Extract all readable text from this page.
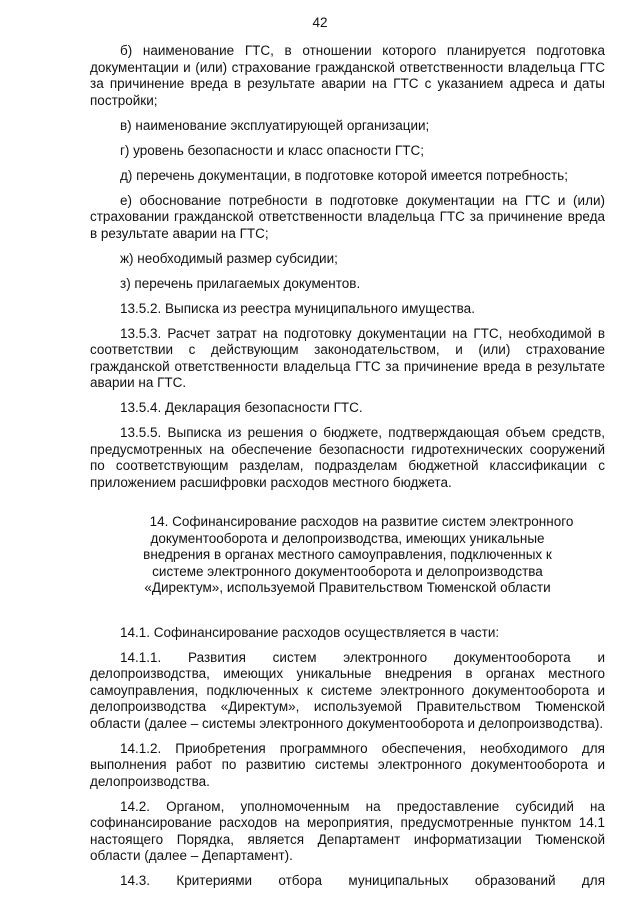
42

б) наименование ГТС, в отношении которого планируется подготовка документации и (или) страхование гражданской ответственности владельца ГТС за причинение вреда в результате аварии на ГТС с указанием адреса и даты постройки;

в) наименование эксплуатирующей организации;

г) уровень безопасности и класс опасности ГТС;

д) перечень документации, в подготовке которой имеется потребность;

е) обоснование потребности в подготовке документации на ГТС и (или) страховании гражданской ответственности владельца ГТС за причинение вреда в результате аварии на ГТС;

ж) необходимый размер субсидии;

з) перечень прилагаемых документов.

13.5.2. Выписка из реестра муниципального имущества.

13.5.3. Расчет затрат на подготовку документации на ГТС, необходимой в соответствии с действующим законодательством, и (или) страхование гражданской ответственности владельца ГТС за причинение вреда в результате аварии на ГТС.

13.5.4. Декларация безопасности ГТС.

13.5.5. Выписка из решения о бюджете, подтверждающая объем средств, предусмотренных на обеспечение безопасности гидротехнических сооружений по соответствующим разделам, подразделам бюджетной классификации с приложением расшифровки расходов местного бюджета.

14. Софинансирование расходов на развитие систем электронного документооборота и делопроизводства, имеющих уникальные внедрения в органах местного самоуправления, подключенных к системе электронного документооборота и делопроизводства «Директум», используемой Правительством Тюменской области

14.1. Софинансирование расходов осуществляется в части:

14.1.1. Развития систем электронного документооборота и делопроизводства, имеющих уникальные внедрения в органах местного самоуправления, подключенных к системе электронного документооборота и делопроизводства «Директум», используемой Правительством Тюменской области (далее – системы электронного документооборота и делопроизводства).

14.1.2. Приобретения программного обеспечения, необходимого для выполнения работ по развитию системы электронного документооборота и делопроизводства.

14.2. Органом, уполномоченным на предоставление субсидий на софинансирование расходов на мероприятия, предусмотренные пунктом 14.1 настоящего Порядка, является Департамент информатизации Тюменской области (далее – Департамент).

14.3. Критериями отбора муниципальных образований для
